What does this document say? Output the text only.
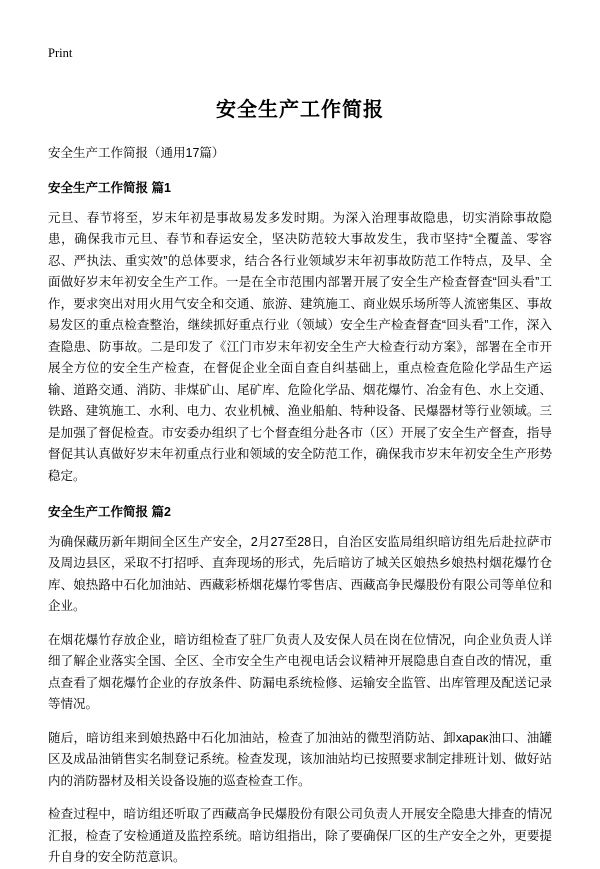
Print
安全生产工作简报

安全生产工作简报（通用17篇）

安全生产工作简报 篇1

元旦、春节将至，岁末年初是事故易发多发时期。为深入治理事故隐患，切实消除事故隐患，确保我市元旦、春节和春运安全，坚决防范较大事故发生，我市坚持“全覆盖、零容忍、严执法、重实效”的总体要求，结合各行业领域岁末年初事故防范工作特点，及早、全面做好岁末年初安全生产工作。一是在全市范围内部署开展了安全生产检查督查“回头看”工作，要求突出对用火用气安全和交通、旅游、建筑施工、商业娱乐场所等人流密集区、事故易发区的重点检查整治，继续抓好重点行业（领域）安全生产检查督查“回头看”工作，深入查隐患、防事故。二是印发了《江门市岁末年初安全生产大检查行动方案》，部署在全市开展全方位的安全生产检查，在督促企业全面自查自纠基础上，重点检查危险化学品生产运输、道路交通、消防、非煤矿山、尾矿库、危险化学品、烟花爆竹、冶金有色、水上交通、铁路、建筑施工、水利、电力、农业机械、渔业船舶、特种设备、民爆器材等行业领域。三是加强了督促检查。市安委办组织了七个督查组分赴各市（区）开展了安全生产督查，指导督促其认真做好岁末年初重点行业和领域的安全防范工作，确保我市岁末年初安全生产形势稳定。

安全生产工作简报 篇2

为确保藏历新年期间全区生产安全，2月27至28日，自治区安监局组织暗访组先后赴拉萨市及周边县区，采取不打招呼、直奔现场的形式，先后暗访了城关区娘热乡娘热村烟花爆竹仓库、娘热路中石化加油站、西藏彩桥烟花爆竹零售店、西藏高争民爆股份有限公司等单位和企业。

在烟花爆竹存放企业，暗访组检查了驻厂负责人及安保人员在岗在位情况，向企业负责人详细了解企业落实全国、全区、全市安全生产电视电话会议精神开展隐患自查自改的情况，重点查看了烟花爆竹企业的存放条件、防漏电系统检修、运输安全监管、出库管理及配送记录等情况。

随后，暗访组来到娘热路中石化加油站，检查了加油站的微型消防站、卸харак油口、油罐区及成品油销售实名制登记系统。检查发现，该加油站均已按照要求制定排班计划、做好站内的消防器材及相关设备设施的巡查检查工作。

检查过程中，暗访组还听取了西藏高争民爆股份有限公司负责人开展安全隐患大排查的情况汇报，检查了安检通道及监控系统。暗访组指出，除了要确保厂区的生产安全之外，更要提升自身的安全防范意识。
